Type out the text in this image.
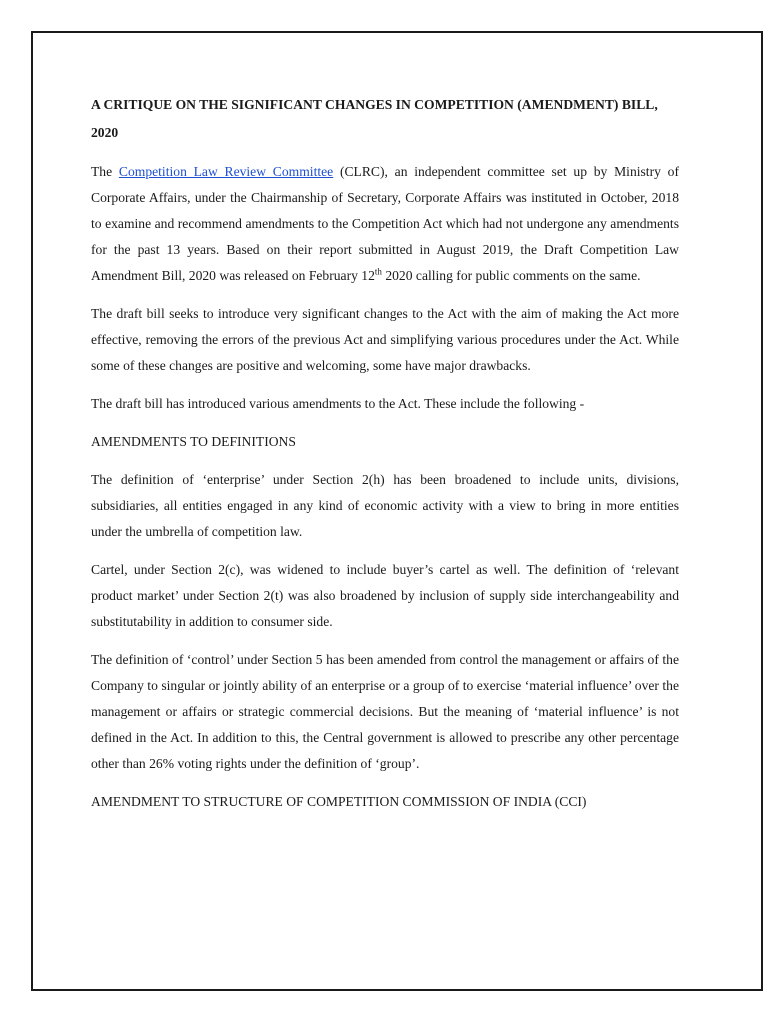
A CRITIQUE ON THE SIGNIFICANT CHANGES IN COMPETITION (AMENDMENT) BILL, 2020

The Competition Law Review Committee (CLRC), an independent committee set up by Ministry of Corporate Affairs, under the Chairmanship of Secretary, Corporate Affairs was instituted in October, 2018 to examine and recommend amendments to the Competition Act which had not undergone any amendments for the past 13 years. Based on their report submitted in August 2019, the Draft Competition Law Amendment Bill, 2020 was released on February 12th 2020 calling for public comments on the same.

The draft bill seeks to introduce very significant changes to the Act with the aim of making the Act more effective, removing the errors of the previous Act and simplifying various procedures under the Act. While some of these changes are positive and welcoming, some have major drawbacks.

The draft bill has introduced various amendments to the Act. These include the following -

AMENDMENTS TO DEFINITIONS

The definition of ‘enterprise’ under Section 2(h) has been broadened to include units, divisions, subsidiaries, all entities engaged in any kind of economic activity with a view to bring in more entities under the umbrella of competition law.

Cartel, under Section 2(c), was widened to include buyer’s cartel as well. The definition of ‘relevant product market’ under Section 2(t) was also broadened by inclusion of supply side interchangeability and substitutability in addition to consumer side.

The definition of ‘control’ under Section 5 has been amended from control the management or affairs of the Company to singular or jointly ability of an enterprise or a group of to exercise ‘material influence’ over the management or affairs or strategic commercial decisions. But the meaning of ‘material influence’ is not defined in the Act. In addition to this, the Central government is allowed to prescribe any other percentage other than 26% voting rights under the definition of ‘group’.

AMENDMENT TO STRUCTURE OF COMPETITION COMMISSION OF INDIA (CCI)
